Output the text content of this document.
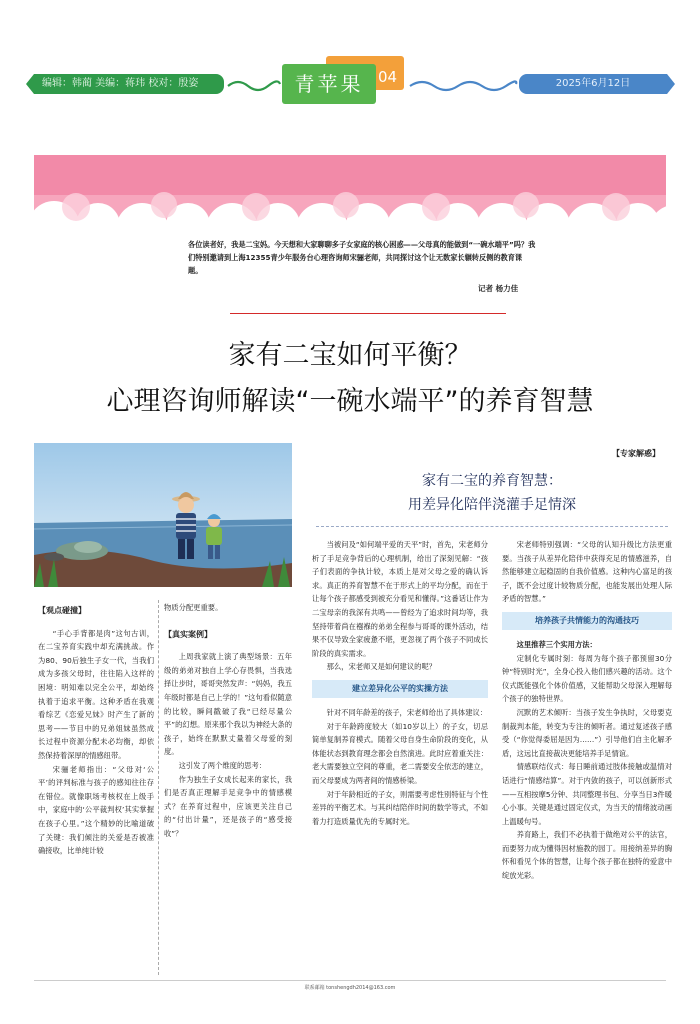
编辑：韩蔺 美编：蒋玮 校对：殷姿	青苹果 04	2025年6月12日
各位读者好，我是二宝妈。今天想和大家聊聊多子女家庭的核心困惑——父母真的能做到“一碗水端平”吗？我们特别邀请到上海12355青少年服务台心理咨询师宋骊老师，共同探讨这个让无数家长辗转反侧的教育课题。
记者 杨力佳
家有二宝如何平衡？
心理咨询师解读“一碗水端平”的养育智慧
【专家解惑】
家有二宝的养育智慧：
用差异化陪伴浇灌手足情深
【观点碰撞】

“手心手背都是肉”这句古训，在二宝养育实践中却充满挑战。作为80、90后独生子女一代，当我们成为多孩父母时，往往陷入这样的困境：明知难以完全公平，却始终执着于追求平衡。这种矛盾在我观看综艺《恋爱兄妹》时产生了新的思考——节目中的兄弟姐妹虽然成长过程中资源分配未必均衡，却依然保持着深厚的情感纽带。

宋骊老师指出：“父母对‘公平’的评判标准与孩子的感知往往存在错位。就像职场考核权在上级手中，家庭中的‘公平裁判权’其实掌握在孩子心里。”这个精妙的比喻道破了关键：我们倾注的关爱是否被准确接收，比单纯计较

物质分配更重要。

【真实案例】

上周我家就上演了典型场景：五年级的弟弟对独自上学心存畏惧，当我选择让步时，哥哥突然发声：“妈妈，我五年级时都是自己上学的！”这句看似随意的比较，瞬间戳破了我“已经尽量公平”的幻想。原来那个我以为神经大条的孩子，始终在默默丈量着父母爱的刻度。

这引发了两个维度的思考：

作为独生子女成长起来的家长，我们是否真正理解手足竞争中的情感模式？在养育过程中，应该更关注自己的“付出计量”，还是孩子的“感受接收”？

当被问及“如何端平爱的天平”时，首先，宋老师分析了手足竞争背后的心理机制，给出了深刻见解：“孩子们表面的争执计较，本质上是对父母之爱的确认诉求。真正的养育智慧不在于形式上的平均分配，而在于让每个孩子都感受到被充分看见和懂得。”这番话让作为二宝母亲的我深有共鸣——曾经为了追求时间均等，我坚持带着尚在襁褓的弟弟全程参与哥哥的课外活动，结果不仅导致全家疲惫不堪，更忽视了两个孩子不同成长阶段的真实需求。

那么，宋老师又是如何建议的呢？

建立差异化公平的实操方法

针对不同年龄差的孩子，宋老师给出了具体建议：

对于年龄跨度较大（如10岁以上）的子女，切忌简单复制养育模式。随着父母自身生命阶段的变化，从体能状态到教育理念都会自然演进。此时应着重关注：老大需要独立空间的尊重，老二需要安全依恋的建立，而父母要成为两者间的情感桥梁。

对于年龄相近的子女，则需要考虑性别特征与个性差异的平衡艺术。与其纠结陪伴时间的数学等式，不如着力打造质量优先的专属时光。

宋老师特别强调：“父母的认知升级比方法更重要。当孩子从差异化陪伴中获得充足的情感滋养，自然能够建立起稳固的自我价值感。这种内心富足的孩子，既不会过度计较物质分配，也能发展出处理人际矛盾的智慧。”

培养孩子共情能力的沟通技巧

这里推荐三个实用方法：

定制化专属时刻：每周为每个孩子都预留30分钟“特别时光”，全身心投入他们感兴趣的活动。这个仪式既能强化个体价值感，又能帮助父母深入理解每个孩子的独特世界。

沉默的艺术倾听：当孩子发生争执时，父母要克制裁判本能，转变为专注的倾听者。通过复述孩子感受（“你觉得委屈是因为……”）引导他们自主化解矛盾，这远比直接裁决更能培养手足情谊。

情感联结仪式：每日睡前通过肢体接触或温情对话进行“情感结算”。对于内敛的孩子，可以创新形式——互相按摩5分钟、共同整理书包、分享当日3件暖心小事。关键是通过固定仪式，为当天的情绪波动画上温暖句号。

养育路上，我们不必执着于做绝对公平的法官，而要努力成为懂得因材施教的园丁。用接纳差异的胸怀和看见个体的智慧，让每个孩子都在独特的爱意中绽放光彩。

联系邮箱 tonshengdh2014@163.com
